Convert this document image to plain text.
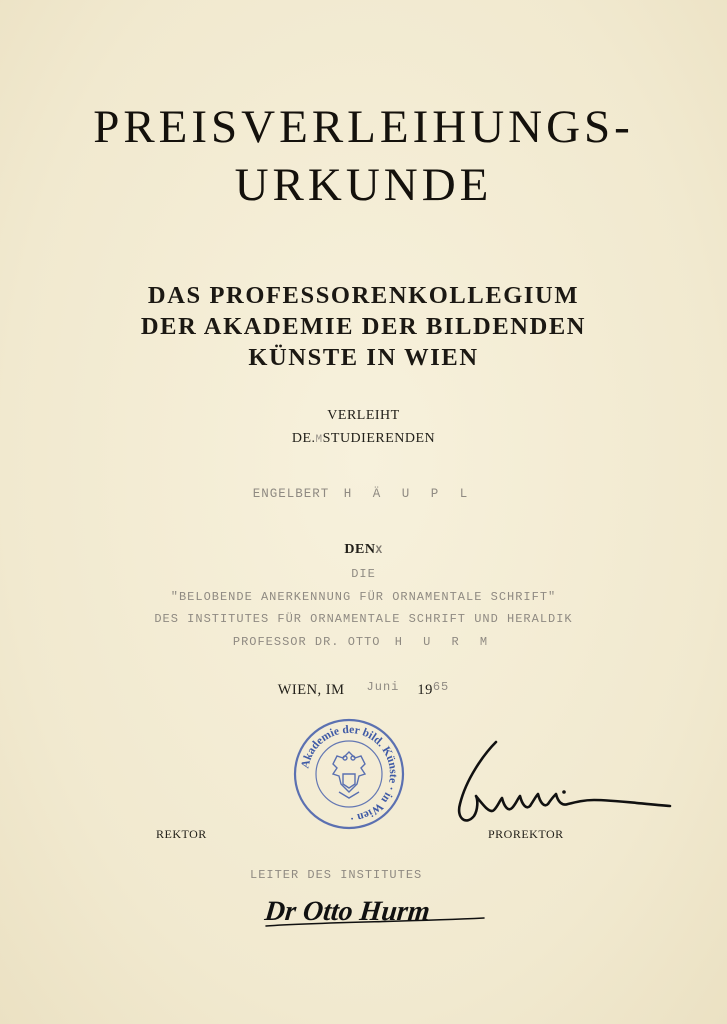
PREISVERLEIHUNGS-
URKUNDE
DAS PROFESSORENKOLLEGIUM
DER AKADEMIE DER BILDENDEN
KÜNSTE IN WIEN
VERLEIHT
DE.MSTUDIERENDEN
ENGELBERT H Ä U P L
DENX
DIE
"BELOBENDE ANERKENNUNG FÜR ORNAMENTALE SCHRIFT"
DES INSTITUTES FÜR ORNAMENTALE SCHRIFT UND HERALDIK
PROFESSOR DR. OTTO H U R M
WIEN, IM $^{Juni}$ $19^{65}$
Akademie der bild. Künste · in Wien ·
REKTOR	PROREKTOR
LEITER DES INSTITUTES
Dr Otto Hurm
